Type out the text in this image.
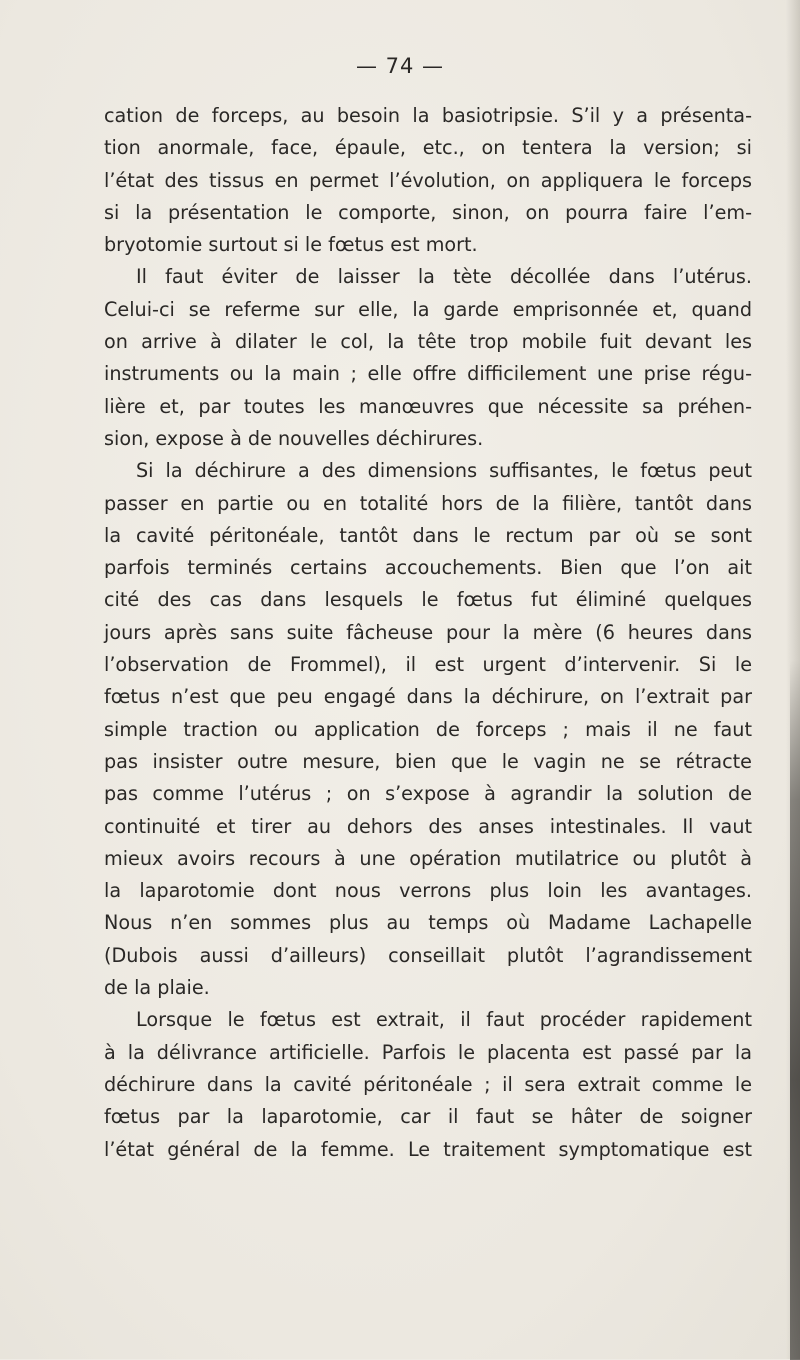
— 74 —
cation de forceps, au besoin la basiotripsie. S’il y a présenta-
tion anormale, face, épaule, etc., on tentera la version; si
l’état des tissus en permet l’évolution, on appliquera le forceps
si la présentation le comporte, sinon, on pourra faire l’em-
bryotomie surtout si le fœtus est mort.
Il faut éviter de laisser la tète décollée dans l’utérus.
Celui-ci se referme sur elle, la garde emprisonnée et, quand
on arrive à dilater le col, la tête trop mobile fuit devant les
instruments ou la main ; elle offre difficilement une prise régu-
lière et, par toutes les manœuvres que nécessite sa préhen-
sion, expose à de nouvelles déchirures.
Si la déchirure a des dimensions suffisantes, le fœtus peut
passer en partie ou en totalité hors de la filière, tantôt dans
la cavité péritonéale, tantôt dans le rectum par où se sont
parfois terminés certains accouchements. Bien que l’on ait
cité des cas dans lesquels le fœtus fut éliminé quelques
jours après sans suite fâcheuse pour la mère (6 heures dans
l’observation de Frommel), il est urgent d’intervenir. Si le
fœtus n’est que peu engagé dans la déchirure, on l’extrait par
simple traction ou application de forceps ; mais il ne faut
pas insister outre mesure, bien que le vagin ne se rétracte
pas comme l’utérus ; on s’expose à agrandir la solution de
continuité et tirer au dehors des anses intestinales. Il vaut
mieux avoirs recours à une opération mutilatrice ou plutôt à
la laparotomie dont nous verrons plus loin les avantages.
Nous n’en sommes plus au temps où Madame Lachapelle
(Dubois aussi d’ailleurs) conseillait plutôt l’agrandissement
de la plaie.
Lorsque le fœtus est extrait, il faut procéder rapidement
à la délivrance artificielle. Parfois le placenta est passé par la
déchirure dans la cavité péritonéale ; il sera extrait comme le
fœtus par la laparotomie, car il faut se hâter de soigner
l’état général de la femme. Le traitement symptomatique est
